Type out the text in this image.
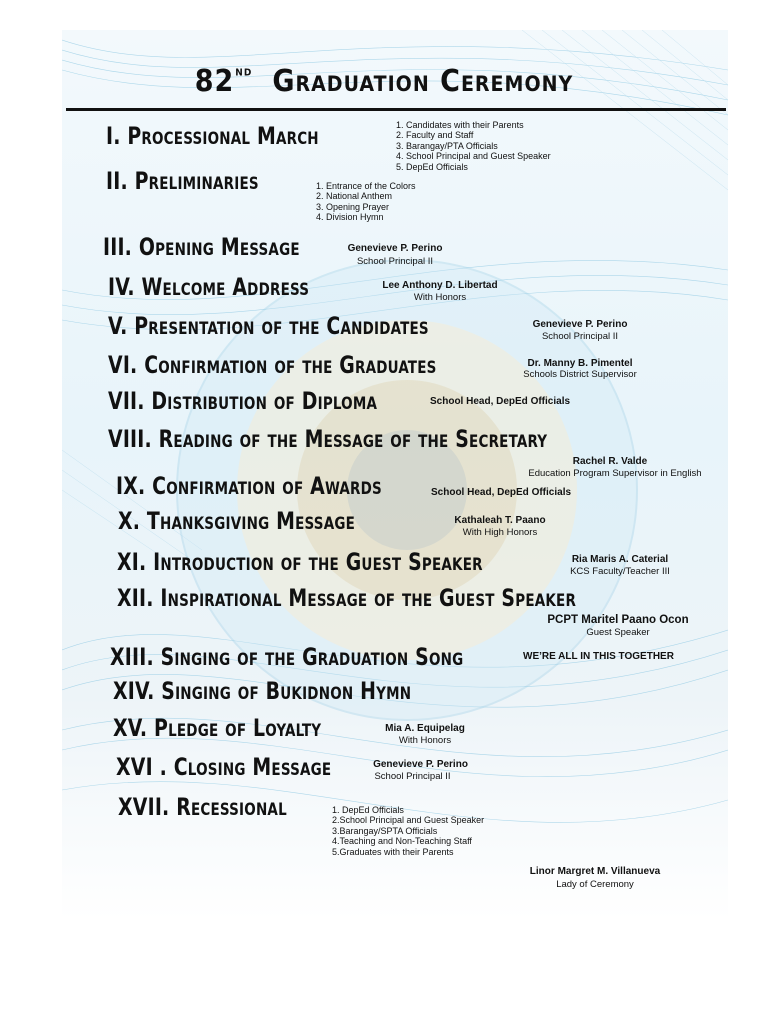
82ND Graduation Ceremony
I. Processional March	1. Candidates with their Parents
2. Faculty and Staff
3. Barangay/PTA Officials
4. School Principal and Guest Speaker
5. DepEd Officials
II. Preliminaries	1. Entrance of the Colors
2. National Anthem
3. Opening Prayer
4. Division Hymn
III. Opening Message	Genevieve P. Perino
School Principal II
IV. Welcome Address	Lee Anthony D. Libertad
With Honors
V. Presentation of the Candidates	Genevieve P. Perino
School Principal II
VI. Confirmation of the Graduates	Dr. Manny B. Pimentel
Schools District Supervisor
VII. Distribution of Diploma	School Head, DepEd Officials
VIII. Reading of the Message of the Secretary
Rachel R. Valde
Education Program Supervisor in English
IX. Confirmation of Awards	School Head, DepEd Officials
X. Thanksgiving Message	Kathaleah T. Paano
With High Honors
XI. Introduction of the Guest Speaker	Ria Maris A. Caterial
KCS Faculty/Teacher III
XII. Inspirational Message of the Guest Speaker
PCPT Maritel Paano Ocon
Guest Speaker
XIII. Singing of the Graduation Song	WE’RE ALL IN THIS TOGETHER
XIV. Singing of Bukidnon Hymn
XV. Pledge of Loyalty	Mia A. Equipelag
With Honors
XVI . Closing Message	Genevieve P. Perino
School Principal II
XVII. Recessional	1. DepEd Officials
2.School Principal and Guest Speaker
3.Barangay/SPTA Officials
4.Teaching and Non-Teaching Staff
5.Graduates with their Parents
Linor Margret M. Villanueva
Lady of Ceremony
